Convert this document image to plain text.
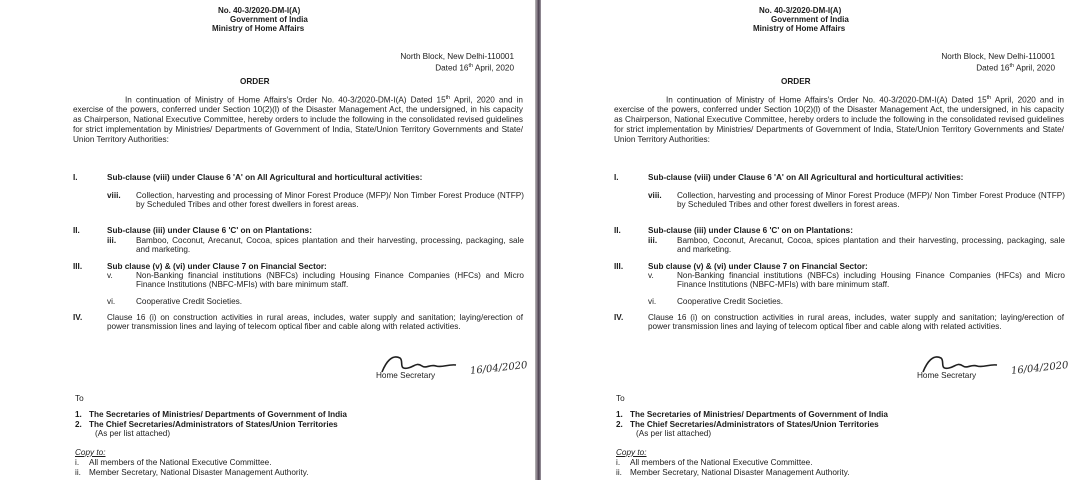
No. 40-3/2020-DM-I(A)
Government of India
Ministry of Home Affairs
North Block, New Delhi-110001
Dated 16th April, 2020
ORDER
In continuation of Ministry of Home Affairs's Order No. 40-3/2020-DM-I(A) Dated 15th April, 2020 and in exercise of the powers, conferred under Section 10(2)(l) of the Disaster Management Act, the undersigned, in his capacity as Chairperson, National Executive Committee, hereby orders to include the following in the consolidated revised guidelines for strict implementation by Ministries/ Departments of Government of India, State/Union Territory Governments and State/ Union Territory Authorities:
I.	Sub-clause (viii) under Clause 6 'A' on All Agricultural and horticultural activities:
viii. Collection, harvesting and processing of Minor Forest Produce (MFP)/ Non Timber Forest Produce (NTFP) by Scheduled Tribes and other forest dwellers in forest areas.
II.	Sub-clause (iii) under Clause 6 'C' on on Plantations:
iii. Bamboo, Coconut, Arecanut, Cocoa, spices plantation and their harvesting, processing, packaging, sale and marketing.
III.	Sub clause (v) & (vi) under Clause 7 on Financial Sector:
v.	Non-Banking financial institutions (NBFCs) including Housing Finance Companies (HFCs) and Micro Finance Institutions (NBFC-MFIs) with bare minimum staff.
vi.	Cooperative Credit Societies.
IV.	Clause 16 (i) on construction activities in rural areas, includes, water supply and sanitation; laying/erection of power transmission lines and laying of telecom optical fiber and cable along with related activities.
Home Secretary	16/04/2020
To
1. The Secretaries of Ministries/ Departments of Government of India
2. The Chief Secretaries/Administrators of States/Union Territories
(As per list attached)
Copy to:
i. All members of the National Executive Committee.
ii. Member Secretary, National Disaster Management Authority.
No. 40-3/2020-DM-I(A)
Government of India
Ministry of Home Affairs
North Block, New Delhi-110001
Dated 16th April, 2020
ORDER
In continuation of Ministry of Home Affairs's Order No. 40-3/2020-DM-I(A) Dated 15th April, 2020 and in exercise of the powers, conferred under Section 10(2)(l) of the Disaster Management Act, the undersigned, in his capacity as Chairperson, National Executive Committee, hereby orders to include the following in the consolidated revised guidelines for strict implementation by Ministries/ Departments of Government of India, State/Union Territory Governments and State/ Union Territory Authorities:
I.	Sub-clause (viii) under Clause 6 'A' on All Agricultural and horticultural activities:
viii. Collection, harvesting and processing of Minor Forest Produce (MFP)/ Non Timber Forest Produce (NTFP) by Scheduled Tribes and other forest dwellers in forest areas.
II.	Sub-clause (iii) under Clause 6 'C' on on Plantations:
iii. Bamboo, Coconut, Arecanut, Cocoa, spices plantation and their harvesting, processing, packaging, sale and marketing.
III.	Sub clause (v) & (vi) under Clause 7 on Financial Sector:
v.	Non-Banking financial institutions (NBFCs) including Housing Finance Companies (HFCs) and Micro Finance Institutions (NBFC-MFIs) with bare minimum staff.
vi.	Cooperative Credit Societies.
IV.	Clause 16 (i) on construction activities in rural areas, includes, water supply and sanitation; laying/erection of power transmission lines and laying of telecom optical fiber and cable along with related activities.
Home Secretary	16/04/2020
To
1. The Secretaries of Ministries/ Departments of Government of India
2. The Chief Secretaries/Administrators of States/Union Territories
(As per list attached)
Copy to:
i. All members of the National Executive Committee.
ii. Member Secretary, National Disaster Management Authority.
